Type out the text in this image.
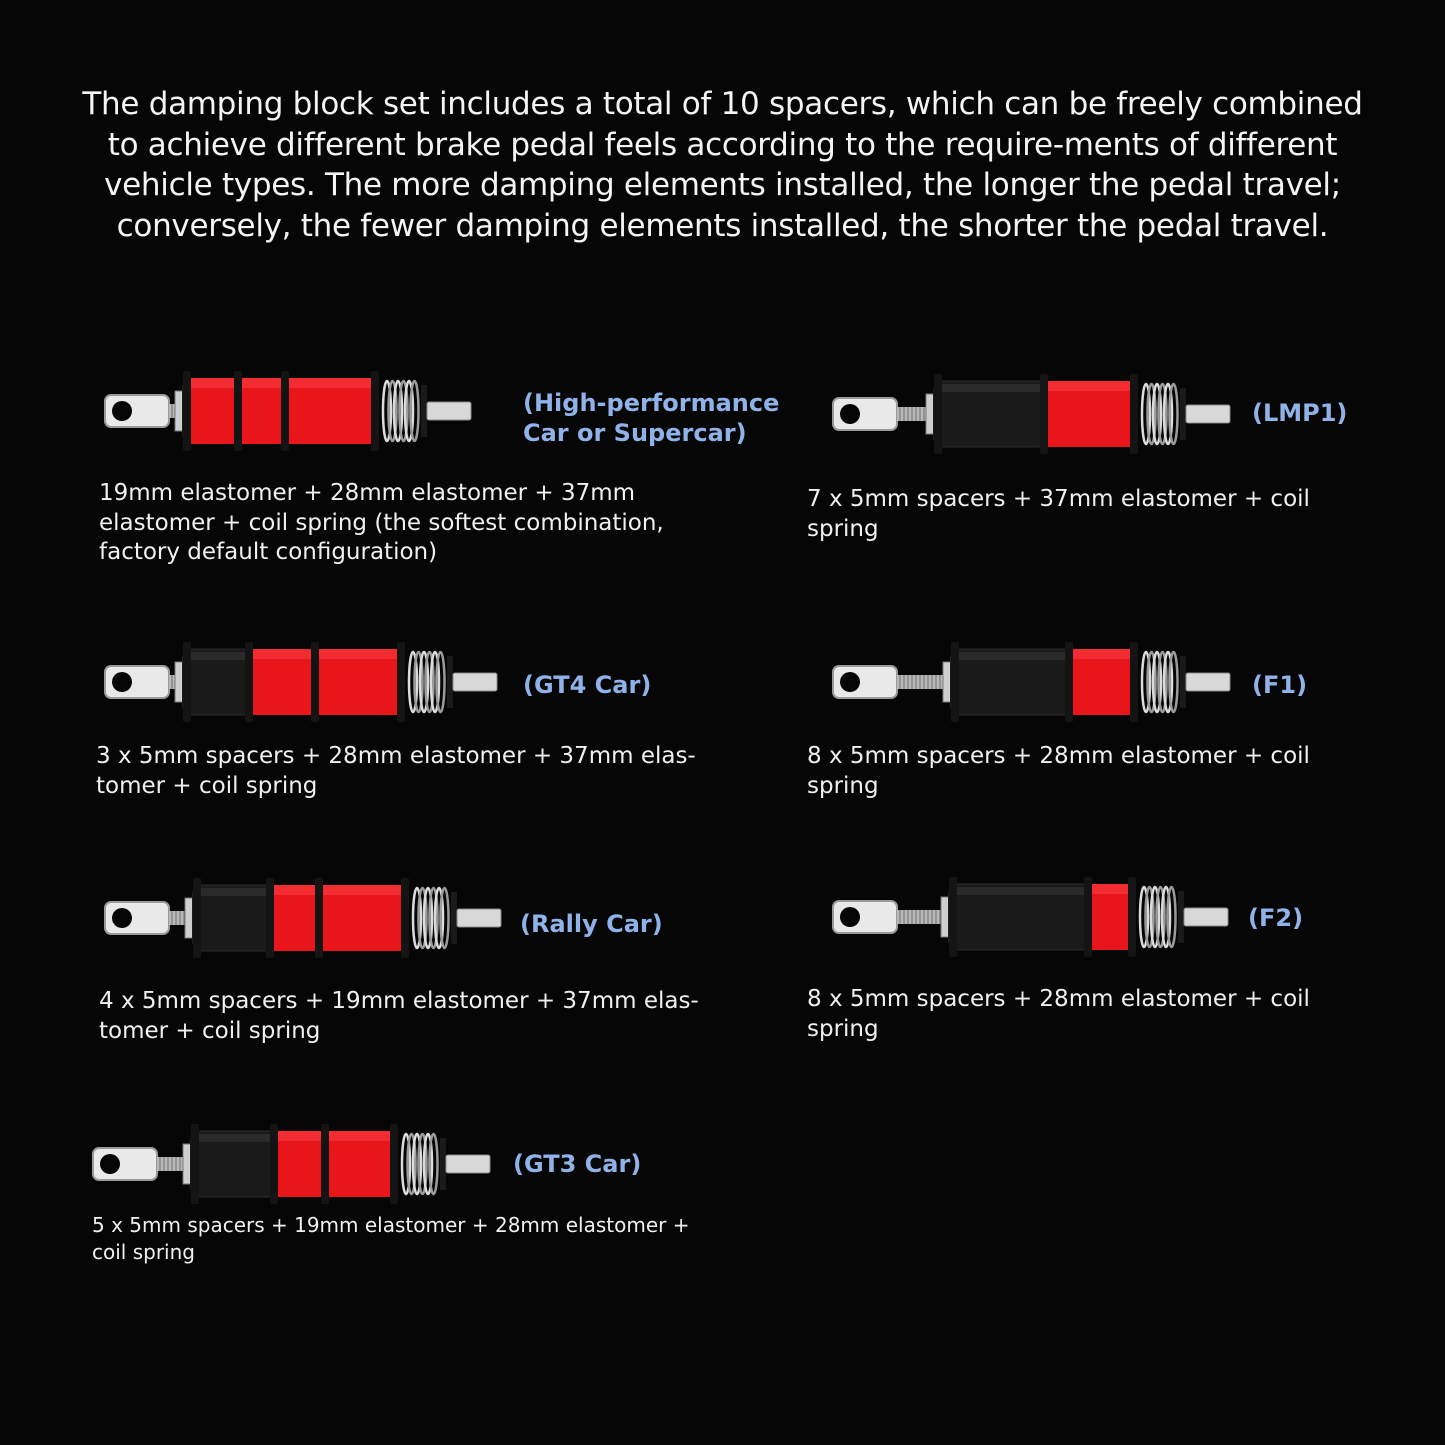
The damping block set includes a total of 10 spacers, which can be freely combined to achieve different brake pedal feels according to the require-ments of different vehicle types. The more damping elements installed, the longer the pedal travel; conversely, the fewer damping elements installed, the shorter the pedal travel.
(High-performance
Car or Supercar)
19mm elastomer + 28mm elastomer + 37mm elastomer + coil spring (the softest combination, factory default configuration)
(LMP1)
7 x 5mm spacers + 37mm elastomer + coil spring
(GT4 Car)
3 x 5mm spacers + 28mm elastomer + 37mm elas-tomer + coil spring
(F1)
8 x 5mm spacers + 28mm elastomer + coil spring
(Rally Car)
4 x 5mm spacers + 19mm elastomer + 37mm elas-tomer + coil spring
(F2)
8 x 5mm spacers + 28mm elastomer + coil spring
(GT3 Car)
5 x 5mm spacers + 19mm elastomer + 28mm elastomer + coil spring
